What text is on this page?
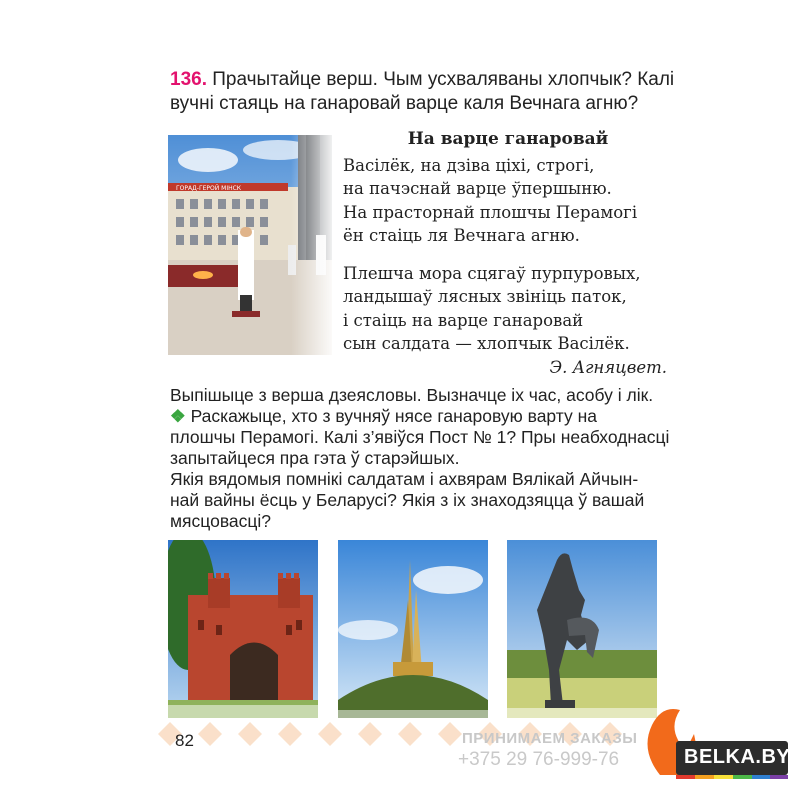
136. Прачытайце верш. Чым усхваляваны хлопчык? Калі
вучні стаяць на ганаровай варце каля Вечнага агню?
На варце ганаровай
Васілёк, на дзіва ціхі, строгі,
на пачэснай варце ўпершыню.
На прасторнай плошчы Перамогі
ён стаіць ля Вечнага агню.
Плешча мора сцягаў пурпуровых,
ландышаў лясных звініць паток,
і стаіць на варце ганаровай
сын салдата — хлопчык Васілёк.
Э. Агняцвет.

Выпішыце з верша дзеясловы. Вызначце іх час, асобу і лік.

❖ Раскажыце, хто з вучняў нясе ганаровую варту на
плошчы Перамогі. Калі з’явіўся Пост № 1? Пры неабходнасці
запытайцеся пра гэта ў старэйшых.

Якія вядомыя помнікі салдатам і ахвярам Вялікай Айчын-
най вайны ёсць у Беларусі? Якія з іх знаходзяцца ў вашай
мясцовасці?

82	ПРИНИМАЕМ ЗАКАЗЫ
+375 29 76-999-76	BELKA.BY
